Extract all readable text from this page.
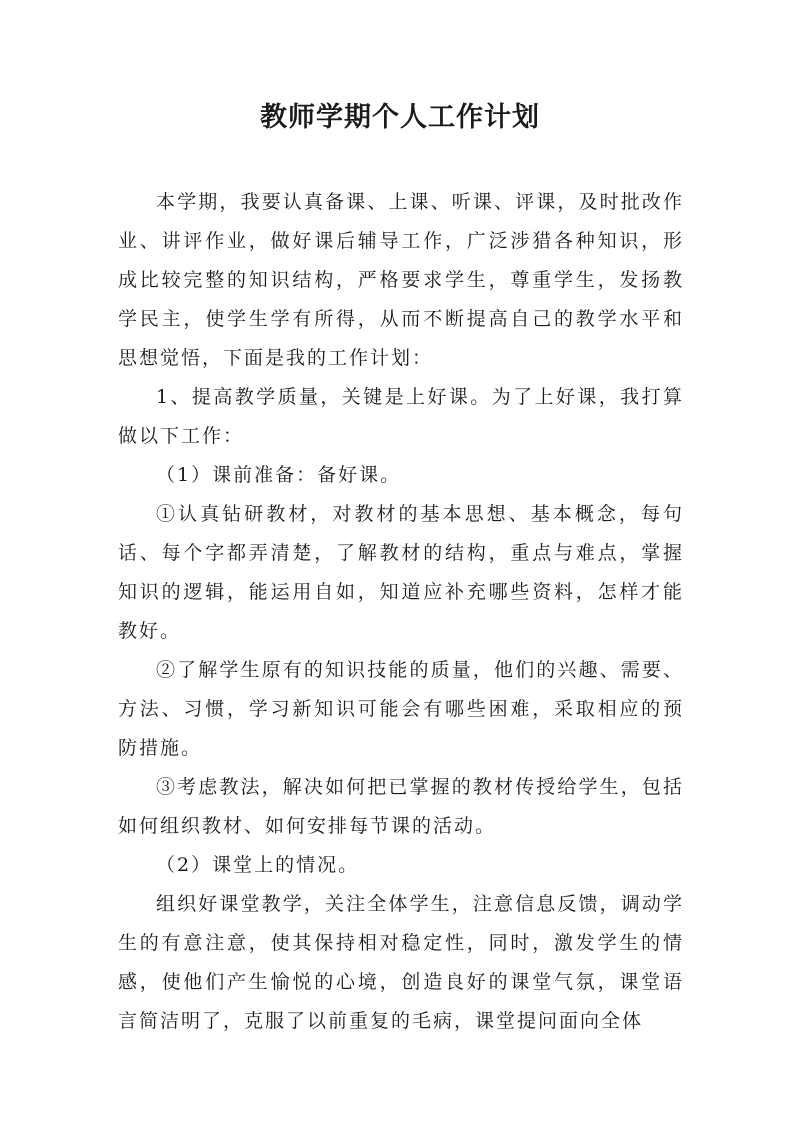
教师学期个人工作计划

本学期，我要认真备课、上课、听课、评课，及时批改作业、讲评作业，做好课后辅导工作，广泛涉猎各种知识，形成比较完整的知识结构，严格要求学生，尊重学生，发扬教学民主，使学生学有所得，从而不断提高自己的教学水平和思想觉悟，下面是我的工作计划：

1、提高教学质量，关键是上好课。为了上好课，我打算做以下工作：

（1）课前准备：备好课。

①认真钻研教材，对教材的基本思想、基本概念，每句话、每个字都弄清楚，了解教材的结构，重点与难点，掌握知识的逻辑，能运用自如，知道应补充哪些资料，怎样才能教好。

②了解学生原有的知识技能的质量，他们的兴趣、需要、方法、习惯，学习新知识可能会有哪些困难，采取相应的预防措施。

③考虑教法，解决如何把已掌握的教材传授给学生，包括如何组织教材、如何安排每节课的活动。

（2）课堂上的情况。

组织好课堂教学，关注全体学生，注意信息反馈，调动学生的有意注意，使其保持相对稳定性，同时，激发学生的情感，使他们产生愉悦的心境，创造良好的课堂气氛，课堂语言简洁明了，克服了以前重复的毛病，课堂提问面向全体
